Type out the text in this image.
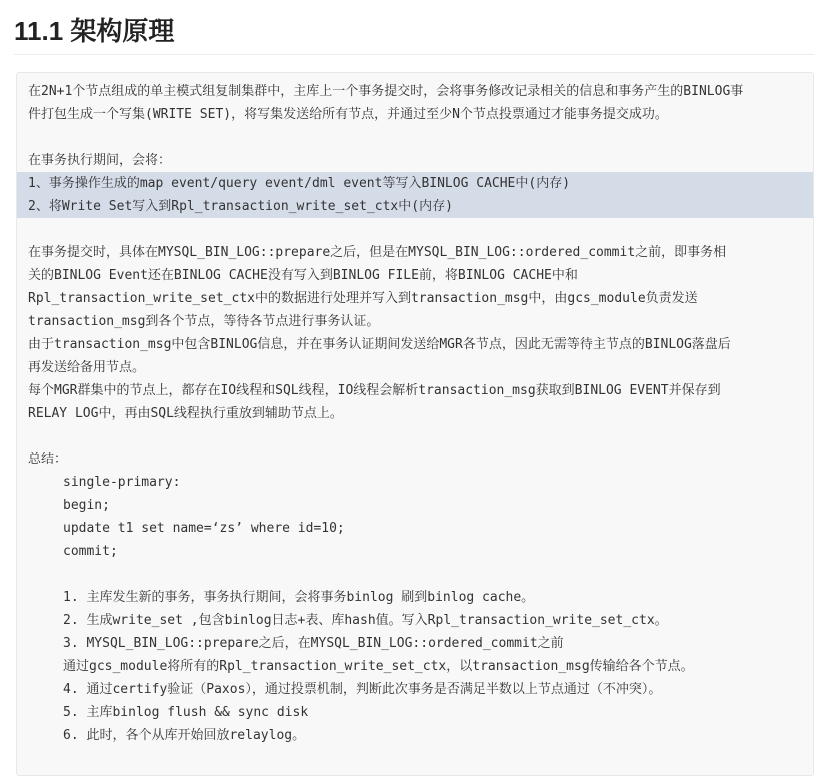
11.1 架构原理
在2N+1个节点组成的单主模式组复制集群中，主库上一个事务提交时，会将事务修改记录相关的信息和事务产生的BINLOG事
件打包生成一个写集(WRITE SET)，将写集发送给所有节点，并通过至少N个节点投票通过才能事务提交成功。
在事务执行期间，会将：
1、事务操作生成的map event/query event/dml event等写入BINLOG CACHE中(内存)
2、将Write Set写入到Rpl_transaction_write_set_ctx中(内存)
在事务提交时，具体在MYSQL_BIN_LOG::prepare之后，但是在MYSQL_BIN_LOG::ordered_commit之前，即事务相
关的BINLOG Event还在BINLOG CACHE没有写入到BINLOG FILE前，将BINLOG CACHE中和
Rpl_transaction_write_set_ctx中的数据进行处理并写入到transaction_msg中，由gcs_module负责发送
transaction_msg到各个节点，等待各节点进行事务认证。
由于transaction_msg中包含BINLOG信息，并在事务认证期间发送给MGR各节点，因此无需等待主节点的BINLOG落盘后
再发送给备用节点。
每个MGR群集中的节点上，都存在IO线程和SQL线程，IO线程会解析transaction_msg获取到BINLOG EVENT并保存到
RELAY LOG中，再由SQL线程执行重放到辅助节点上。
总结：
single-primary:
begin;
update t1 set name=‘zs’ where id=10;
commit;
1. 主库发生新的事务，事务执行期间，会将事务binlog 刷到binlog cache。
2. 生成write_set ,包含binlog日志+表、库hash值。写入Rpl_transaction_write_set_ctx。
3. MYSQL_BIN_LOG::prepare之后，在MYSQL_BIN_LOG::ordered_commit之前
通过gcs_module将所有的Rpl_transaction_write_set_ctx，以transaction_msg传输给各个节点。
4. 通过certify验证（Paxos），通过投票机制，判断此次事务是否满足半数以上节点通过（不冲突）。
5. 主库binlog flush && sync disk
6. 此时，各个从库开始回放relaylog。
